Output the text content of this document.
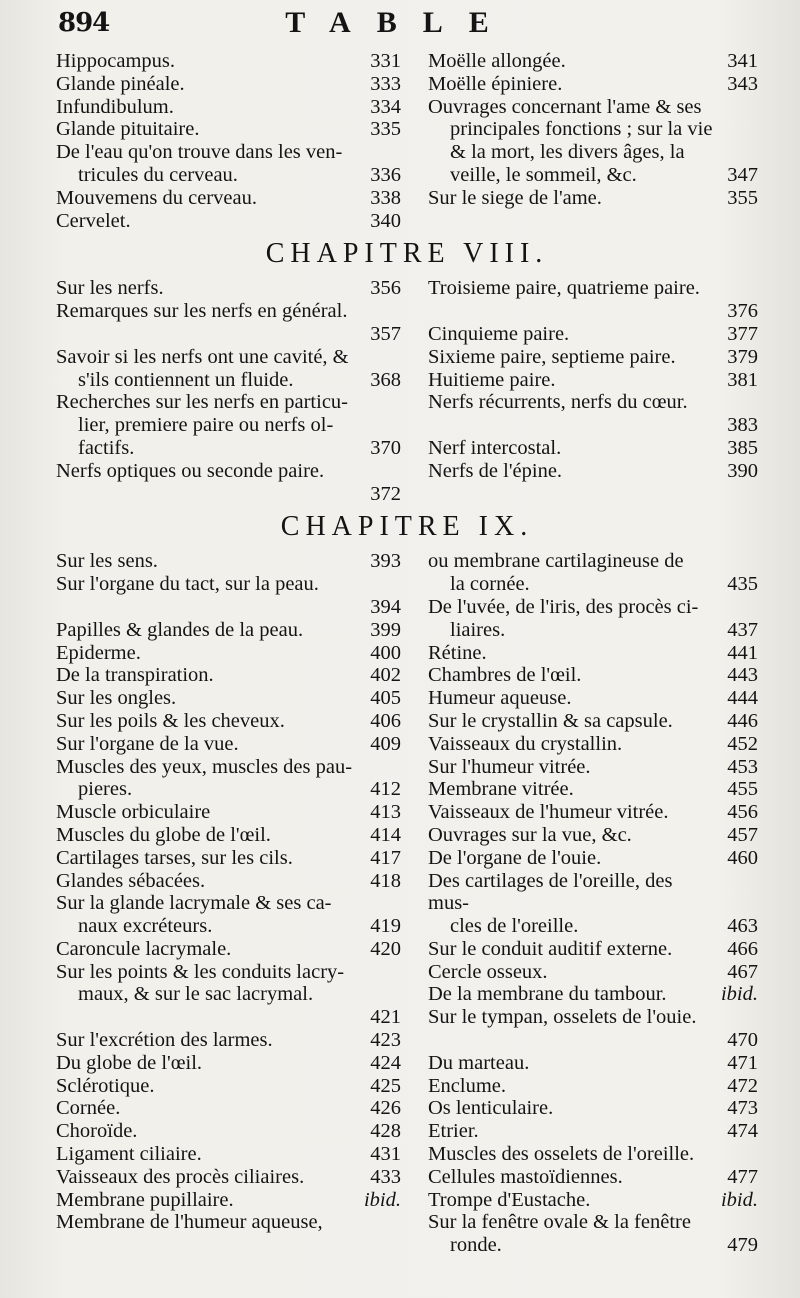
894	TABLE
Hippocampus.	331
Glande pinéale.	333
Infundibulum.	334
Glande pituitaire.	335
De l'eau qu'on trouve dans les ven-
tricules du cerveau.	336
Mouvemens du cerveau.	338
Cervelet.	340
Moëlle allongée.	341
Moëlle épiniere.	343
Ouvrages concernant l'ame & ses
principales fonctions ; sur la vie & la mort, les divers âges, la veille, le sommeil, &c.	347
Sur le siege de l'ame.	355
CHAPITRE VIII.
Sur les nerfs.	356
Remarques sur les nerfs en général.
357
Savoir si les nerfs ont une cavité, &
s'ils contiennent un fluide.	368
Recherches sur les nerfs en particu-
lier, premiere paire ou nerfs ol- factifs.	370
Nerfs optiques ou seconde paire.
372
Troisieme paire, quatrieme paire.
376
Cinquieme paire.	377
Sixieme paire, septieme paire.	379
Huitieme paire.	381
Nerfs récurrents, nerfs du cœur.
383
Nerf intercostal.	385
Nerfs de l'épine.	390
CHAPITRE IX.
Sur les sens.	393
Sur l'organe du tact, sur la peau.
394
Papilles & glandes de la peau.	399
Epiderme.	400
De la transpiration.	402
Sur les ongles.	405
Sur les poils & les cheveux.	406
Sur l'organe de la vue.	409
Muscles des yeux, muscles des pau-
pieres.	412
Muscle orbiculaire	413
Muscles du globe de l'œil.	414
Cartilages tarses, sur les cils.	417
Glandes sébacées.	418
Sur la glande lacrymale & ses ca-
naux excréteurs.	419
Caroncule lacrymale.	420
Sur les points & les conduits lacry-
maux, & sur le sac lacrymal.
421
Sur l'excrétion des larmes.	423
Du globe de l'œil.	424
Sclérotique.	425
Cornée.	426
Choroïde.	428
Ligament ciliaire.	431
Vaisseaux des procès ciliaires.	433
Membrane pupillaire.	ibid.
Membrane de l'humeur aqueuse,
ou membrane cartilagineuse de
la cornée.	435
De l'uvée, de l'iris, des procès ci-
liaires.	437
Rétine.	441
Chambres de l'œil.	443
Humeur aqueuse.	444
Sur le crystallin & sa capsule.	446
Vaisseaux du crystallin.	452
Sur l'humeur vitrée.	453
Membrane vitrée.	455
Vaisseaux de l'humeur vitrée.	456
Ouvrages sur la vue, &c.	457
De l'organe de l'ouie.	460
Des cartilages de l'oreille, des mus-
cles de l'oreille.	463
Sur le conduit auditif externe.	466
Cercle osseux.	467
De la membrane du tambour.	ibid.
Sur le tympan, osselets de l'ouie.
470
Du marteau.	471
Enclume.	472
Os lenticulaire.	473
Etrier.	474
Muscles des osselets de l'oreille.
Cellules mastoïdiennes.	477
Trompe d'Eustache.	ibid.
Sur la fenêtre ovale & la fenêtre
ronde.	479
